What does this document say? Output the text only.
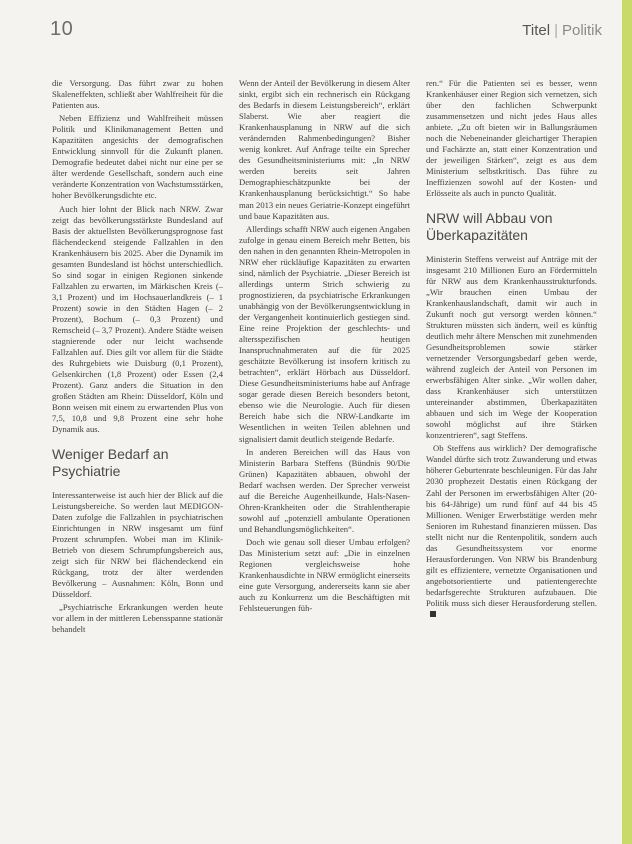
10	Titel | Politik

die Versorgung. Das führt zwar zu hohen Skaleneffekten, schließt aber Wahlfreiheit für die Patienten aus.

Neben Effizienz und Wahlfreiheit müssen Politik und Klinikmanagement Betten und Kapazitäten angesichts der demografischen Entwicklung sinnvoll für die Zukunft planen. Demografie bedeutet dabei nicht nur eine per se älter werdende Gesellschaft, sondern auch eine veränderte Konzentration von Wachstumsstärken, hoher Bevölkerungsdichte etc.

Auch hier lohnt der Blick nach NRW. Zwar zeigt das bevölkerungsstärkste Bundesland auf Basis der aktuellsten Bevölkerungsprognose fast flächendeckend steigende Fallzahlen in den Krankenhäusern bis 2025. Aber die Dynamik im gesamten Bundesland ist höchst unterschiedlich. So sind sogar in einigen Regionen sinkende Fallzahlen zu erwarten, im Märkischen Kreis (– 3,1 Prozent) und im Hochsauerlandkreis (– 1 Prozent) sowie in den Städten Hagen (– 2 Prozent), Bochum (– 0,3 Prozent) und Remscheid (– 3,7 Prozent). Andere Städte weisen stagnierende oder nur leicht wachsende Fallzahlen auf. Dies gilt vor allem für die Städte des Ruhrgebiets wie Duisburg (0,1 Prozent), Gelsenkirchen (1,8 Prozent) oder Essen (2,4 Prozent). Ganz anders die Situation in den großen Städten am Rhein: Düsseldorf, Köln und Bonn weisen mit einem zu erwartenden Plus von 7,5, 10,8 und 9,8 Prozent eine sehr hohe Dynamik aus.

Weniger Bedarf an Psychiatrie

Interessanterweise ist auch hier der Blick auf die Leistungsbereiche. So werden laut MEDIGON-Daten zufolge die Fallzahlen in psychiatrischen Einrichtungen in NRW insgesamt um fünf Prozent schrumpfen. Wobei man im Klinik-Betrieb von diesem Schrumpfungsbereich aus, zeigt sich für NRW bei flächendeckend ein Rückgang, trotz der älter werdenden Bevölkerung – Ausnahmen: Köln, Bonn und Düsseldorf.

„Psychiatrische Erkrankungen werden heute vor allem in der mittleren Lebensspanne stationär behandelt

Wenn der Anteil der Bevölkerung in diesem Alter sinkt, ergibt sich ein rechnerisch ein Rückgang des Bedarfs in diesem Leistungsbereich“, erklärt Slaberst. Wie aber reagiert die Krankenhausplanung in NRW auf die sich verändernden Rahmenbedingungen? Bisher wenig konkret. Auf Anfrage teilte ein Sprecher des Gesundheitsministeriums mit: „In NRW werden bereits seit Jahren Demographieschätzpunkte bei der Krankenhausplanung berücksichtigt.“ So habe man 2013 ein neues Geriatrie-Konzept eingeführt und baue Kapazitäten aus.

Allerdings schafft NRW auch eigenen Angaben zufolge in genau einem Bereich mehr Betten, bis den nahen in den genannten Rhein-Metropolen in NRW eher rückläufige Kapazitäten zu erwarten sind, nämlich der Psychiatrie. „Dieser Bereich ist allerdings unterm Strich schwierig zu prognostizieren, da psychiatrische Erkrankungen unabhängig von der Bevölkerungsentwicklung in der Vergangenheit kontinuierlich gestiegen sind. Eine reine Projektion der geschlechts- und altersspezifischen heutigen Inanspruchnahmeraten auf die für 2025 geschätzte Bevölkerung ist insofern kritisch zu betrachten“, erklärt Hörbach aus Düsseldorf. Diese Gesundheitsministeriums habe auf Anfrage sogar gerade diesen Bereich besonders betont, ebenso wie die Neurologie. Auch für diesen Bereich habe sich die NRW-Landkarte im Wesentlichen in weiten Teilen ablehnen und signalisiert damit deutlich steigende Bedarfe.

In anderen Bereichen will das Haus von Ministerin Barbara Steffens (Bündnis 90/Die Grünen) Kapazitäten abbauen, obwohl der Bedarf wachsen werden. Der Sprecher verweist auf die Bereiche Augenheilkunde, Hals-Nasen-Ohren-Krankheiten oder die Strahlentherapie sowohl auf „potenziell ambulante Operationen und Behandlungsmöglichkeiten“.

Doch wie genau soll dieser Umbau erfolgen? Das Ministerium setzt auf: „Die in einzelnen Regionen vergleichsweise hohe Krankenhausdichte in NRW ermöglicht einerseits eine gute Versorgung, andererseits kann sie aber auch zu Konkurrenz um die Beschäftigten mit Fehlsteuerungen füh-

ren.“ Für die Patienten sei es besser, wenn Krankenhäuser einer Region sich vernetzen, sich über den fachlichen Schwerpunkt zusammensetzen und nicht jedes Haus alles anbiete. „Zu oft bieten wir in Ballungsräumen noch die Nebeneinander gleichartiger Therapien und Fachärzte an, statt einer Konzentration und der jeweiligen Stärken“, zeigt es aus dem Ministerium selbstkritisch. Das führe zu Ineffizienzen sowohl auf der Kosten- und Erlösseite als auch in puncto Qualität.

NRW will Abbau von Überkapazitäten

Ministerin Steffens verweist auf Anträge mit der insgesamt 210 Millionen Euro an Fördermitteln für NRW aus dem Krankenhausstrukturfonds. „Wir brauchen einen Umbau der Krankenhauslandschaft, damit wir auch in Zukunft noch gut versorgt werden können.“ Strukturen müssten sich ändern, weil es künftig deutlich mehr ältere Menschen mit zunehmenden Gesundheitsproblemen sowie stärker vernetzender Versorgungsbedarf geben werde, während zugleich der Anteil von Personen im erwerbsfähigen Alter sinke. „Wir wollen daher, dass Krankenhäuser sich unterstützen untereinander abstimmen, Überkapazitäten abbauen und sich im Wege der Kooperation sowohl möglichst auf ihre Stärken konzentrieren“, sagt Steffens.

Ob Steffens aus wirklich? Der demografische Wandel dürfte sich trotz Zuwanderung und etwas höherer Geburtenrate beschleunigen. Für das Jahr 2030 prophezeit Destatis einen Rückgang der Zahl der Personen im erwerbsfähigen Alter (20- bis 64-Jährige) um rund fünf auf 44 bis 45 Millionen. Weniger Erwerbstätige werden mehr Senioren im Ruhestand finanzieren müssen. Das stellt nicht nur die Rentenpolitik, sondern auch das Gesundheitssystem vor enorme Herausforderungen. Von NRW bis Brandenburg gilt es effizientere, vernetzte Organisationen und angebotsorientierte und patientengerechte bedarfsgerechte Strukturen aufzubauen. Die Politik muss sich dieser Herausforderung stellen.
